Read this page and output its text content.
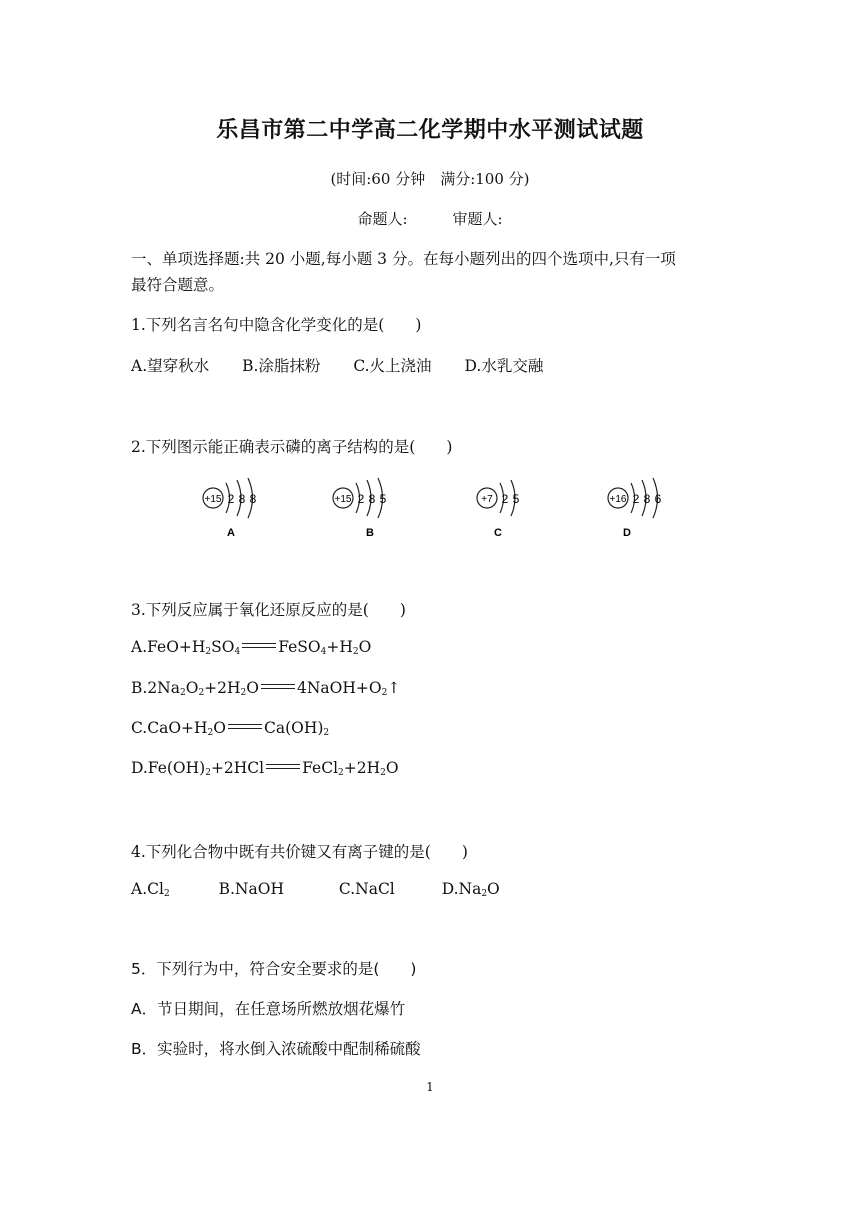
乐昌市第二中学高二化学期中水平测试试题
(时间:60 分钟　满分:100 分)
命题人:　　　审题人:
一、单项选择题:共 20 小题,每小题 3 分。在每小题列出的四个选项中,只有一项
最符合题意。
1.下列名言名句中隐含化学变化的是(　　)
A.望穿秋水 B.涂脂抹粉 C.火上浇油 D.水乳交融
2.下列图示能正确表示磷的离子结构的是(　　)
+15 2 8 8
A
+15 2 8 5
B
+7 2 5
C
+16 2 8 6
D
3.下列反应属于氧化还原反应的是(　　)
$A.FeO+H_2SO_4$ $FeSO_4+H_2O$
$B.2Na_2O_2+2H_2O$ $4NaOH+O_2↑$
$C.CaO+H_2O$ $Ca(OH)_2$
$D.Fe(OH)_2+2HCl$ $FeCl_2+2H_2O$
4.下列化合物中既有共价键又有离子键的是(　　)
$A.Cl_2$	B.NaOH	C.NaCl	$D.Na_2O$
5．下列行为中，符合安全要求的是(　　)
A．节日期间，在任意场所燃放烟花爆竹
B．实验时，将水倒入浓硫酸中配制稀硫酸
1
